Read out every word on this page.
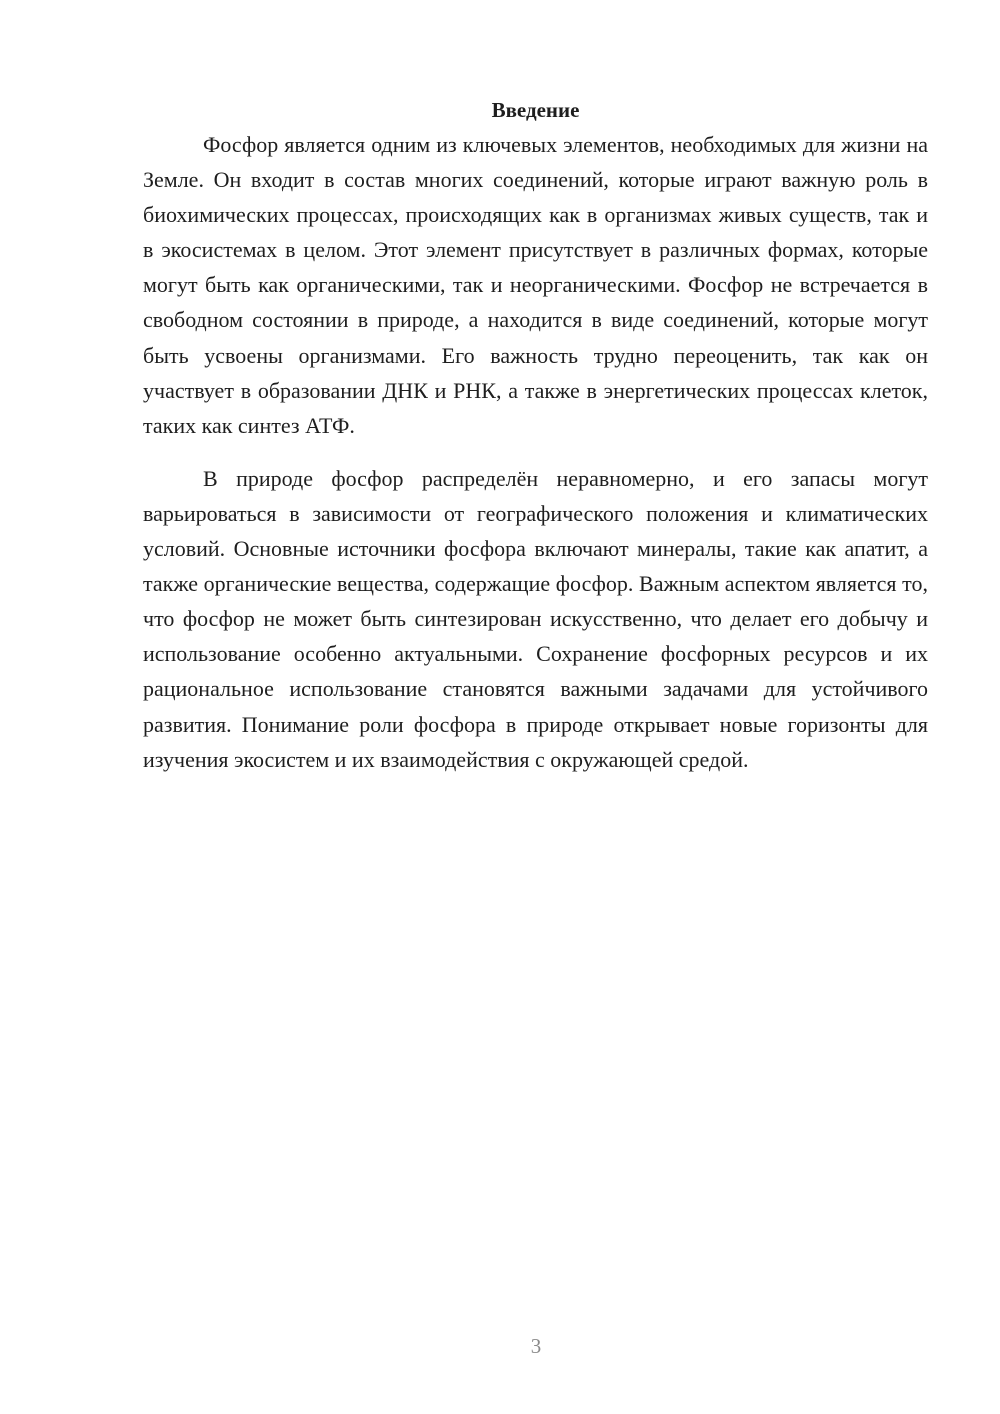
Введение

Фосфор является одним из ключевых элементов, необходимых для жизни на Земле. Он входит в состав многих соединений, которые играют важную роль в биохимических процессах, происходящих как в организмах живых существ, так и в экосистемах в целом. Этот элемент присутствует в различных формах, которые могут быть как органическими, так и неорганическими. Фосфор не встречается в свободном состоянии в природе, а находится в виде соединений, которые могут быть усвоены организмами. Его важность трудно переоценить, так как он участвует в образовании ДНК и РНК, а также в энергетических процессах клеток, таких как синтез АТФ.

В природе фосфор распределён неравномерно, и его запасы могут варьироваться в зависимости от географического положения и климатических условий. Основные источники фосфора включают минералы, такие как апатит, а также органические вещества, содержащие фосфор. Важным аспектом является то, что фосфор не может быть синтезирован искусственно, что делает его добычу и использование особенно актуальными. Сохранение фосфорных ресурсов и их рациональное использование становятся важными задачами для устойчивого развития. Понимание роли фосфора в природе открывает новые горизонты для изучения экосистем и их взаимодействия с окружающей средой.

3
